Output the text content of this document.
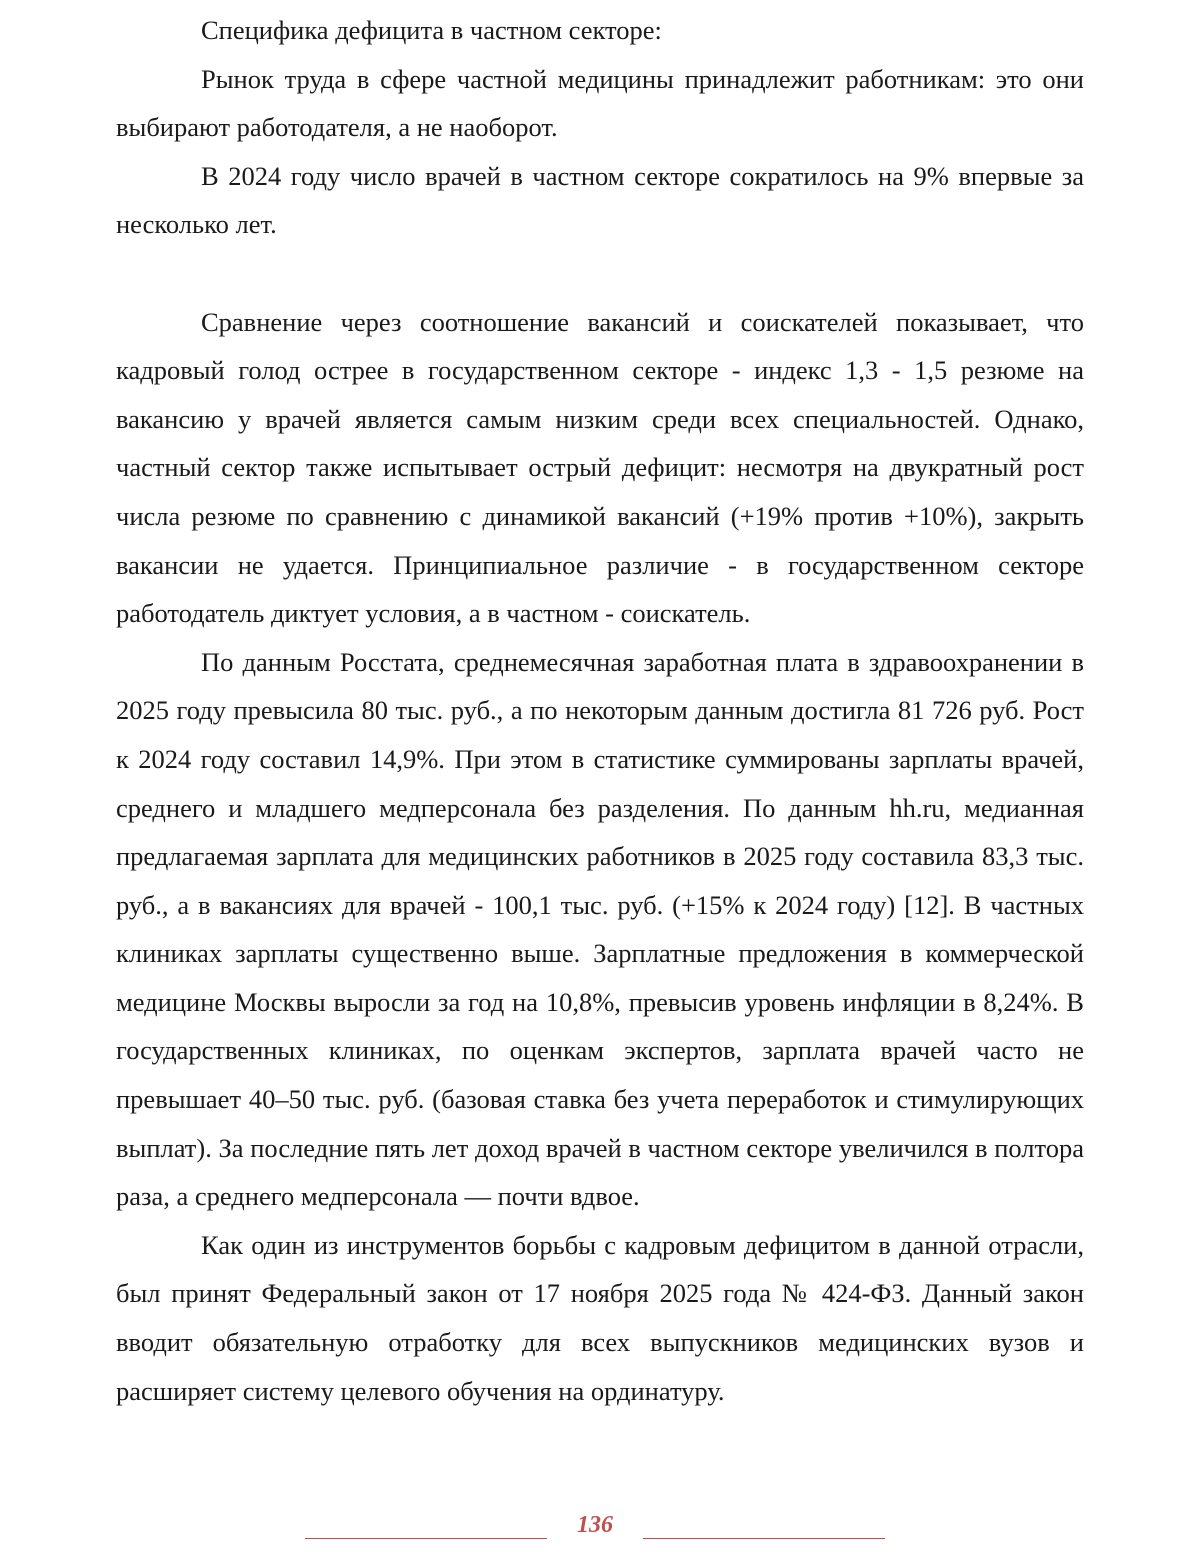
Специфика дефицита в частном секторе:

Рынок труда в сфере частной медицины принадлежит работникам: это они выбирают работодателя, а не наоборот.

В 2024 году число врачей в частном секторе сократилось на 9% впервые за несколько лет.

Сравнение через соотношение вакансий и соискателей показывает, что кадровый голод острее в государственном секторе - индекс 1,3 - 1,5 резюме на вакансию у врачей является самым низким среди всех специальностей. Однако, частный сектор также испытывает острый дефицит: несмотря на двукратный рост числа резюме по сравнению с динамикой вакансий (+19% против +10%), закрыть вакансии не удается. Принципиальное различие - в государственном секторе работодатель диктует условия, а в частном - соискатель.

По данным Росстата, среднемесячная заработная плата в здравоохранении в 2025 году превысила 80 тыс. руб., а по некоторым данным достигла 81 726 руб. Рост к 2024 году составил 14,9%. При этом в статистике суммированы зарплаты врачей, среднего и младшего медперсонала без разделения. По данным hh.ru, медианная предлагаемая зарплата для медицинских работников в 2025 году составила 83,3 тыс. руб., а в вакансиях для врачей - 100,1 тыс. руб. (+15% к 2024 году) [12]. В частных клиниках зарплаты существенно выше. Зарплатные предложения в коммерческой медицине Москвы выросли за год на 10,8%, превысив уровень инфляции в 8,24%. В государственных клиниках, по оценкам экспертов, зарплата врачей часто не превышает 40–50 тыс. руб. (базовая ставка без учета переработок и стимулирующих выплат). За последние пять лет доход врачей в частном секторе увеличился в полтора раза, а среднего медперсонала — почти вдвое.

Как один из инструментов борьбы с кадровым дефицитом в данной отрасли, был принят Федеральный закон от 17 ноября 2025 года № 424-ФЗ. Данный закон вводит обязательную отработку для всех выпускников медицинских вузов и расширяет систему целевого обучения на ординатуру.

136
